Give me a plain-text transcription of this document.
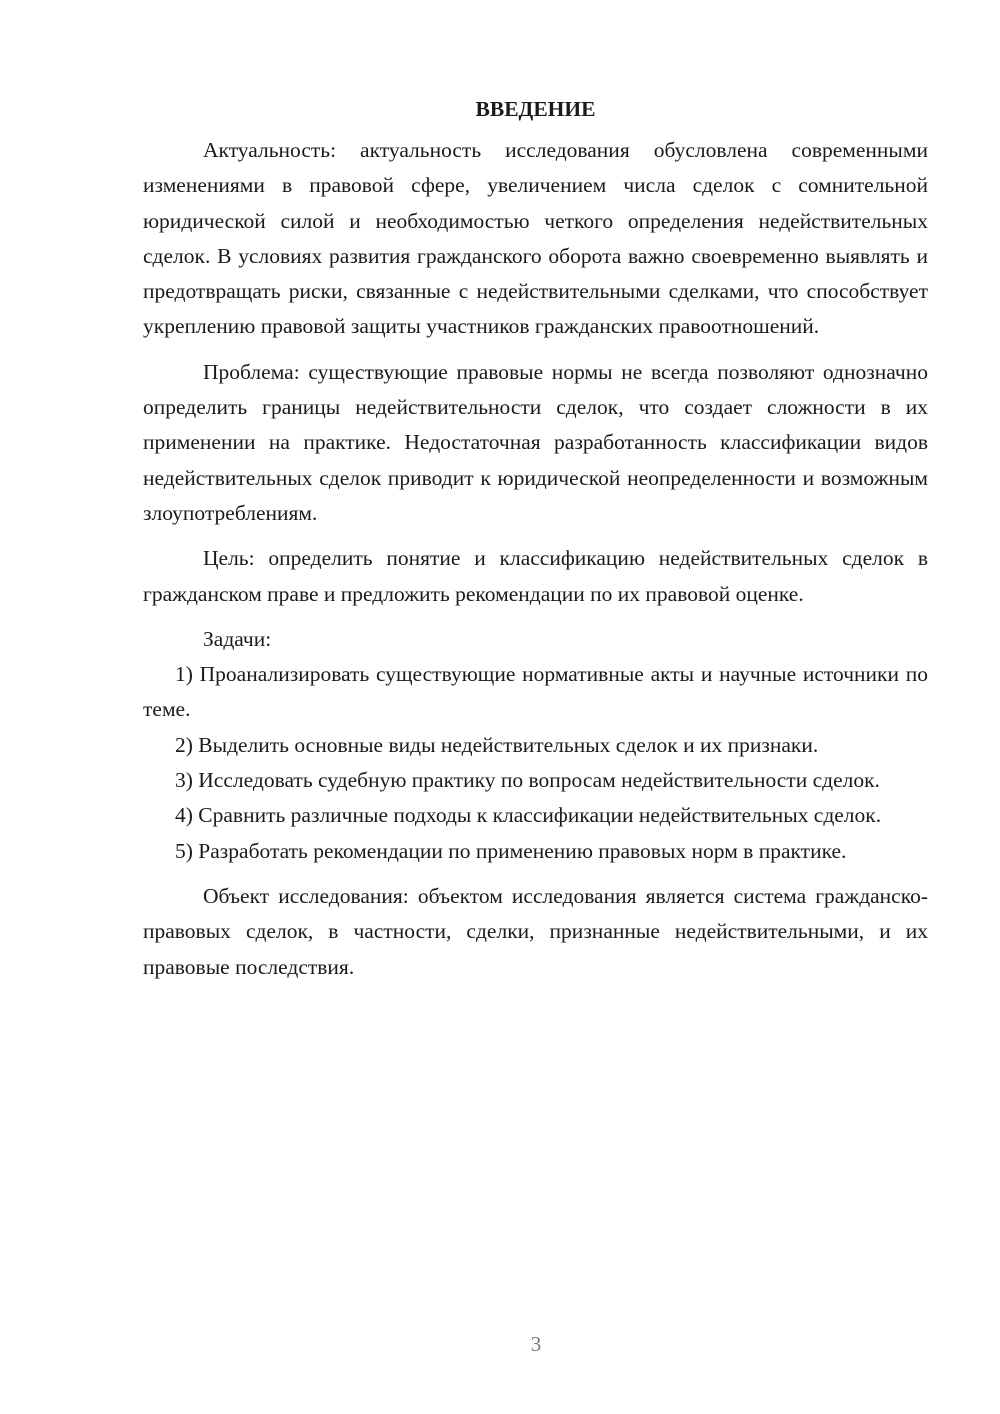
ВВЕДЕНИЕ

Актуальность: актуальность исследования обусловлена современными изменениями в правовой сфере, увеличением числа сделок с сомнительной юридической силой и необходимостью четкого определения недействительных сделок. В условиях развития гражданского оборота важно своевременно выявлять и предотвращать риски, связанные с недействительными сделками, что способствует укреплению правовой защиты участников гражданских правоотношений.

Проблема: существующие правовые нормы не всегда позволяют однозначно определить границы недействительности сделок, что создает сложности в их применении на практике. Недостаточная разработанность классификации видов недействительных сделок приводит к юридической неопределенности и возможным злоупотреблениям.

Цель: определить понятие и классификацию недействительных сделок в гражданском праве и предложить рекомендации по их правовой оценке.

Задачи:

1) Проанализировать существующие нормативные акты и научные источники по теме.

2) Выделить основные виды недействительных сделок и их признаки.

3) Исследовать судебную практику по вопросам недействительности сделок.

4) Сравнить различные подходы к классификации недействительных сделок.

5) Разработать рекомендации по применению правовых норм в практике.

Объект исследования: объектом исследования является система гражданско-правовых сделок, в частности, сделки, признанные недействительными, и их правовые последствия.

3
